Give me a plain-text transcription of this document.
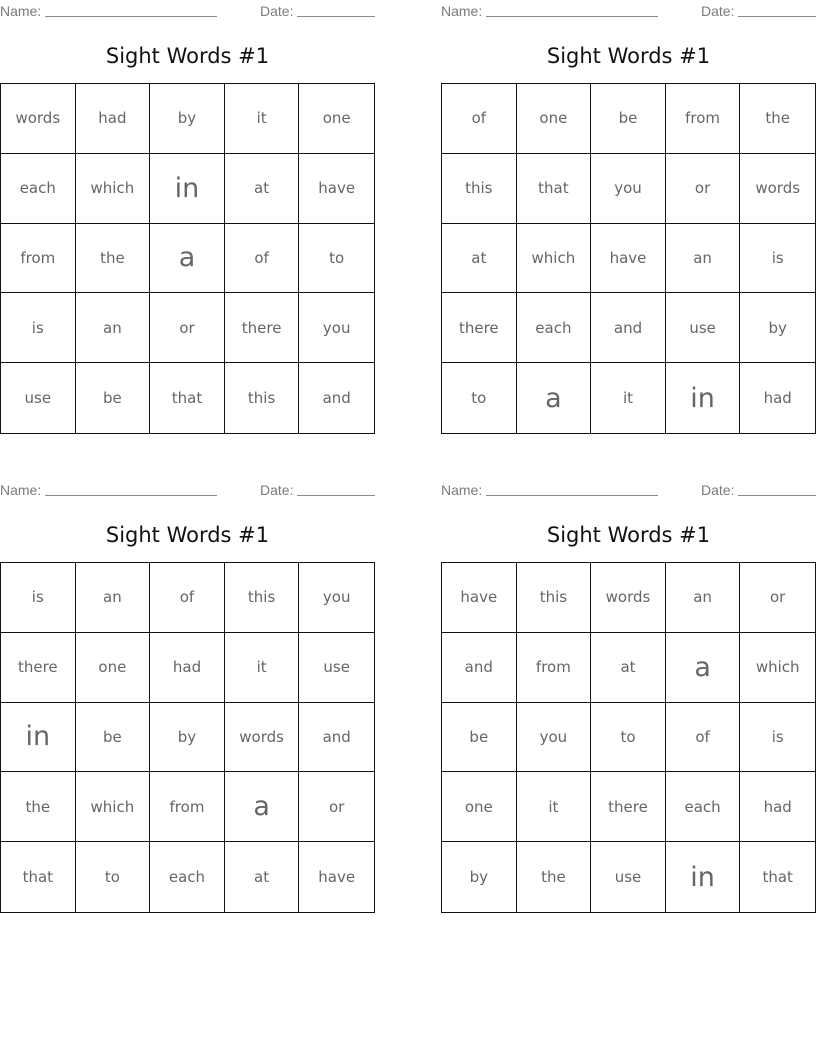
Name:	Date:
Sight Words #1
words	had	by	it	one
each	which	in	at	have
from	the	a	of	to
is	an	or	there	you
use	be	that	this	and
Name:	Date:
Sight Words #1
of	one	be	from	the
this	that	you	or	words
at	which	have	an	is
there	each	and	use	by
to	a	it	in	had
Name:	Date:
Sight Words #1
is	an	of	this	you
there	one	had	it	use
in	be	by	words	and
the	which	from	a	or
that	to	each	at	have
Name:	Date:
Sight Words #1
have	this	words	an	or
and	from	at	a	which
be	you	to	of	is
one	it	there	each	had
by	the	use	in	that
